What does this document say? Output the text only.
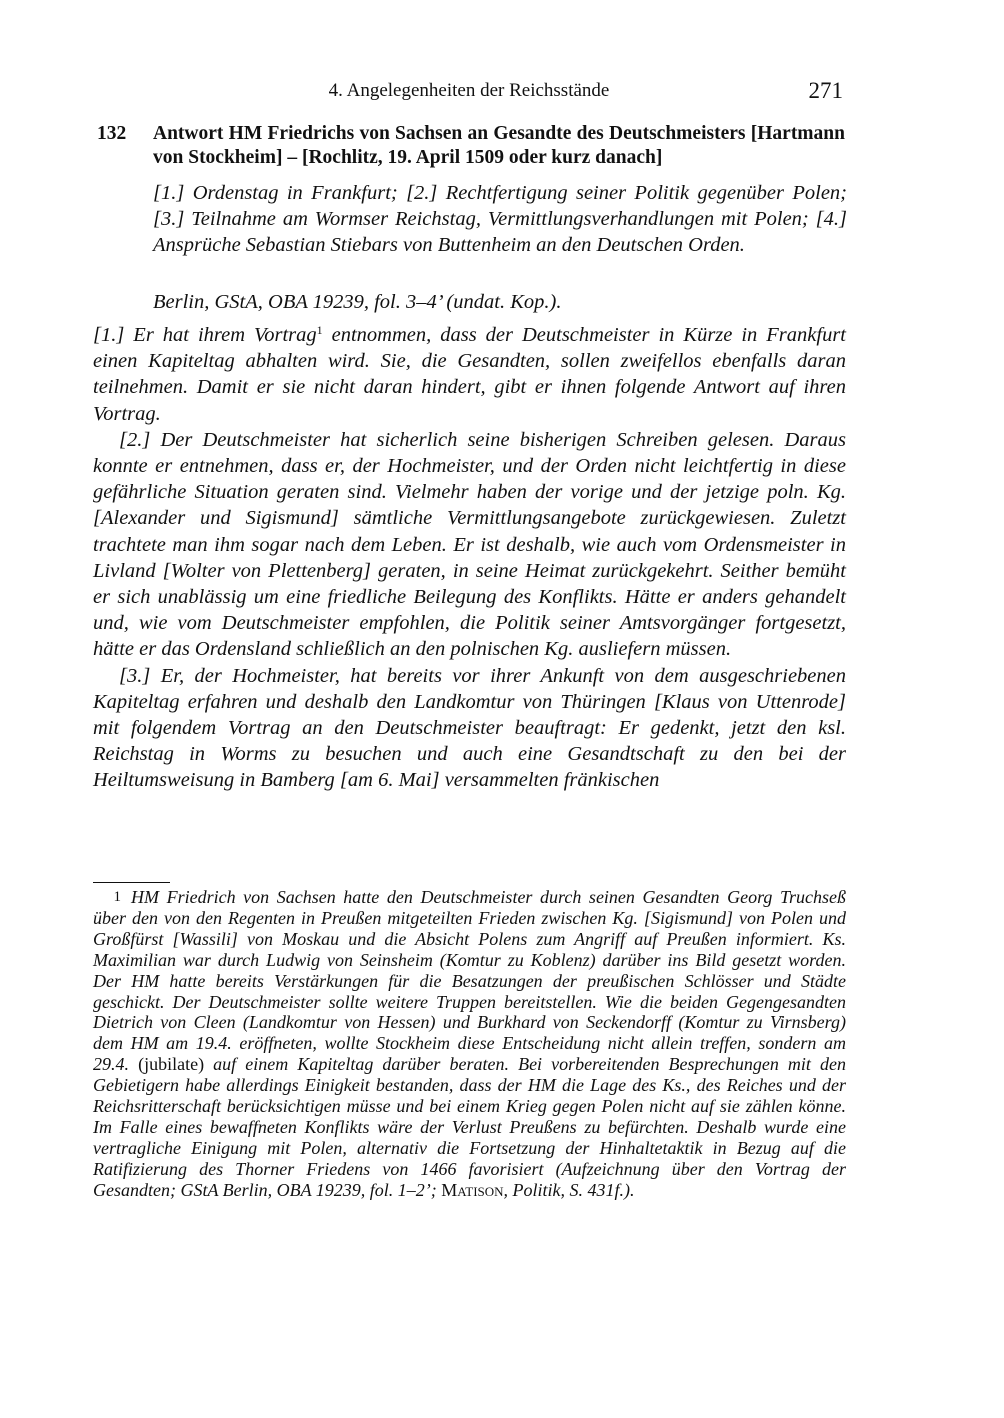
4. Angelegenheiten der Reichsstände	271
132 Antwort HM Friedrichs von Sachsen an Gesandte des Deutschmeisters [Hartmann von Stockheim] – [Rochlitz, 19. April 1509 oder kurz danach]
[1.] Ordenstag in Frankfurt; [2.] Rechtfertigung seiner Politik gegenüber Polen; [3.] Teilnahme am Wormser Reichstag, Vermittlungsverhandlungen mit Polen; [4.] Ansprüche Sebastian Stiebars von Buttenheim an den Deutschen Orden.
Berlin, GStA, OBA 19239, fol. 3–4’ (undat. Kop.).

[1.] Er hat ihrem Vortrag$^1$ entnommen, dass der Deutschmeister in Kürze in Frankfurt einen Kapiteltag abhalten wird. Sie, die Gesandten, sollen zweifellos ebenfalls daran teilnehmen. Damit er sie nicht daran hindert, gibt er ihnen folgende Antwort auf ihren Vortrag.

[2.] Der Deutschmeister hat sicherlich seine bisherigen Schreiben gelesen. Daraus konnte er entnehmen, dass er, der Hochmeister, und der Orden nicht leichtfertig in diese gefährliche Situation geraten sind. Vielmehr haben der vorige und der jetzige poln. Kg. [Alexander und Sigismund] sämtliche Vermittlungsangebote zurückgewiesen. Zuletzt trachtete man ihm sogar nach dem Leben. Er ist deshalb, wie auch vom Ordensmeister in Livland [Wolter von Plettenberg] geraten, in seine Heimat zurückgekehrt. Seither bemüht er sich unablässig um eine friedliche Beilegung des Konflikts. Hätte er anders gehandelt und, wie vom Deutschmeister empfohlen, die Politik seiner Amtsvorgänger fortgesetzt, hätte er das Ordensland schließlich an den polnischen Kg. ausliefern müssen.

[3.] Er, der Hochmeister, hat bereits vor ihrer Ankunft von dem ausgeschriebenen Kapiteltag erfahren und deshalb den Landkomtur von Thüringen [Klaus von Uttenrode] mit folgendem Vortrag an den Deutschmeister beauftragt: Er gedenkt, jetzt den ksl. Reichstag in Worms zu besuchen und auch eine Gesandtschaft zu den bei der Heiltumsweisung in Bamberg [am 6. Mai] versammelten fränkischen

1 HM Friedrich von Sachsen hatte den Deutschmeister durch seinen Gesandten Georg Truchseß über den von den Regenten in Preußen mitgeteilten Frieden zwischen Kg. [Sigismund] von Polen und Großfürst [Wassili] von Moskau und die Absicht Polens zum Angriff auf Preußen informiert. Ks. Maximilian war durch Ludwig von Seinsheim (Komtur zu Koblenz) darüber ins Bild gesetzt worden. Der HM hatte bereits Verstärkungen für die Besatzungen der preußischen Schlösser und Städte geschickt. Der Deutschmeister sollte weitere Truppen bereitstellen. Wie die beiden Gegengesandten Dietrich von Cleen (Landkomtur von Hessen) und Burkhard von Seckendorff (Komtur zu Virnsberg) dem HM am 19.4. eröffneten, wollte Stockheim diese Entscheidung nicht allein treffen, sondern am 29.4. (jubilate) auf einem Kapiteltag darüber beraten. Bei vorbereitenden Besprechungen mit den Gebietigern habe allerdings Einigkeit bestanden, dass der HM die Lage des Ks., des Reiches und der Reichsritterschaft berücksichtigen müsse und bei einem Krieg gegen Polen nicht auf sie zählen könne. Im Falle eines bewaffneten Konflikts wäre der Verlust Preußens zu befürchten. Deshalb wurde eine vertragliche Einigung mit Polen, alternativ die Fortsetzung der Hinhaltetaktik in Bezug auf die Ratifizierung des Thorner Friedens von 1466 favorisiert (Aufzeichnung über den Vortrag der Gesandten; GStA Berlin, OBA 19239, fol. 1–2’; Matison, Politik, S. 431f.).
